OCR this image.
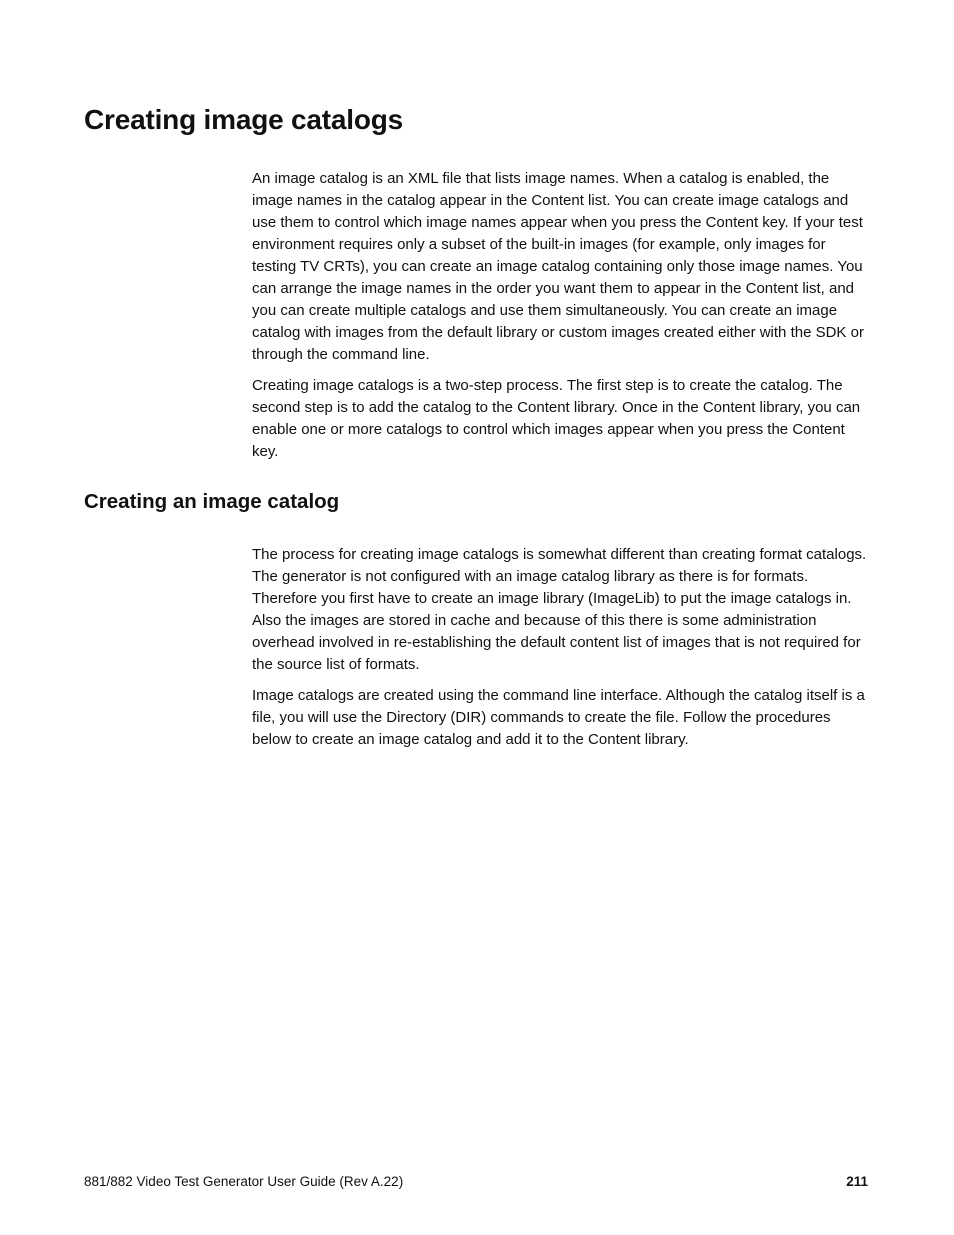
Creating image catalogs

An image catalog is an XML file that lists image names. When a catalog is enabled, the image names in the catalog appear in the Content list. You can create image catalogs and use them to control which image names appear when you press the Content key. If your test environment requires only a subset of the built-in images (for example, only images for testing TV CRTs), you can create an image catalog containing only those image names. You can arrange the image names in the order you want them to appear in the Content list, and you can create multiple catalogs and use them simultaneously. You can create an image catalog with images from the default library or custom images created either with the SDK or through the command line.

Creating image catalogs is a two-step process. The first step is to create the catalog. The second step is to add the catalog to the Content library. Once in the Content library, you can enable one or more catalogs to control which images appear when you press the Content key.

Creating an image catalog

The process for creating image catalogs is somewhat different than creating format catalogs. The generator is not configured with an image catalog library as there is for formats. Therefore you first have to create an image library (ImageLib) to put the image catalogs in. Also the images are stored in cache and because of this there is some administration overhead involved in re-establishing the default content list of images that is not required for the source list of formats.

Image catalogs are created using the command line interface. Although the catalog itself is a file, you will use the Directory (DIR) commands to create the file. Follow the procedures below to create an image catalog and add it to the Content library.

881/882 Video Test Generator User Guide (Rev A.22)	211
